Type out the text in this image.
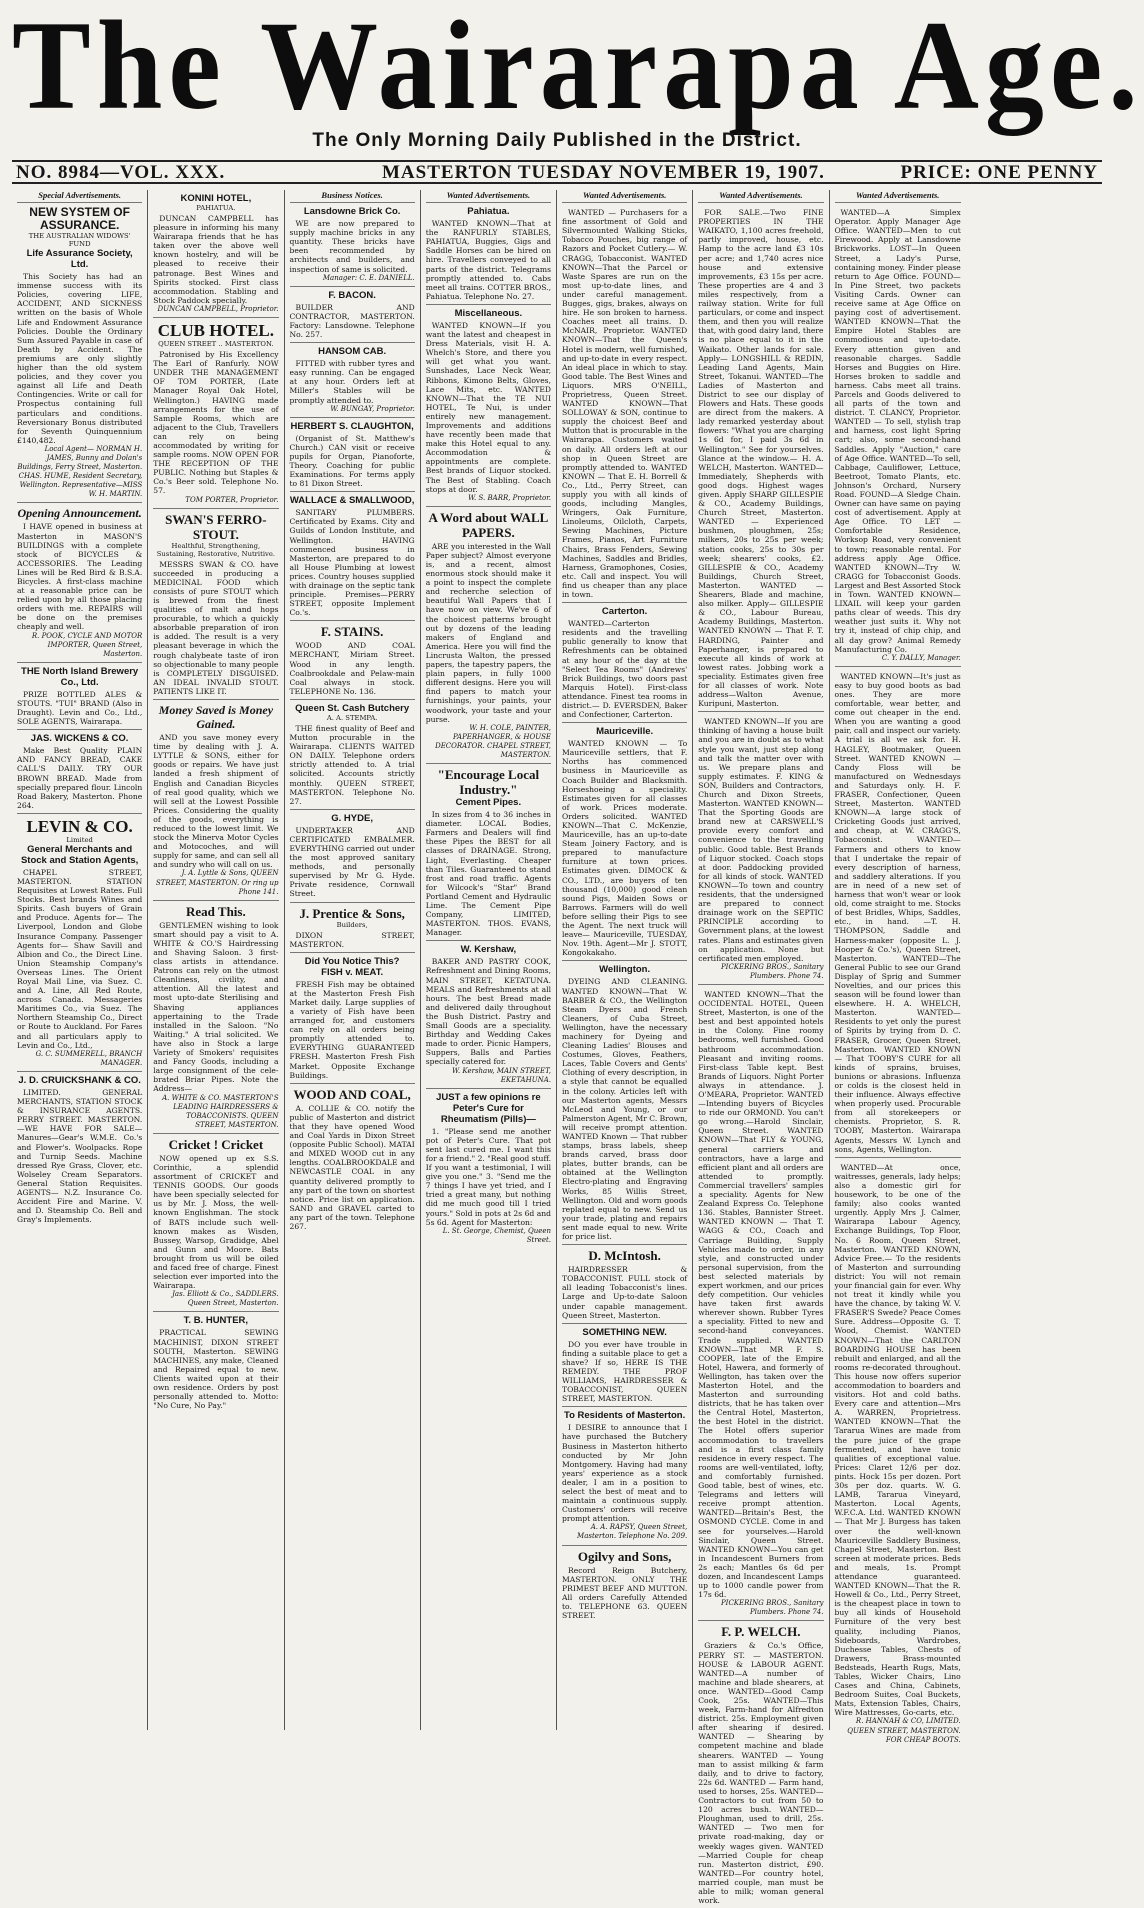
The Wairarapa Age.
The Only Morning Daily Published in the District.
NO. 8984—VOL. XXX.	MASTERTON TUESDAY NOVEMBER 19, 1907.	PRICE: ONE PENNY
Special Advertisements.
NEW SYSTEM OF ASSURANCE.
THE AUSTRALIAN WIDOWS' FUND
Life Assurance Society, Ltd.
This Society has had an immense success with its Policies, covering LIFE, ACCIDENT, AND SICKNESS written on the basis of Whole Life and Endowment Assurance Policies. Double the Ordinary Sum Assured Payable in case of Death by Accident. The premiums are only slightly higher than the old system policies, and they cover you against all Life and Death Contingencies. Write or call for Prospectus containing full particulars and conditions. Reversionary Bonus distributed for Seventh Quinquennium £140,482.
Local Agent— NORMAN H. JAMES, Bunny and Dolan's Buildings, Ferry Street, Masterton. CHAS. HUME, Resident Secretary, Wellington. Representative—MISS W. H. MARTIN.
Opening Announcement.
I HAVE opened in business at Masterton in MASON'S BUILDINGS with a complete stock of BICYCLES & ACCESSORIES. The Leading Lines will be Red Bird & B.S.A. Bicycles. A first-class machine at a reasonable price can be relied upon by all those placing orders with me. REPAIRS will be done on the premises cheaply and well.
R. POOK, CYCLE AND MOTOR IMPORTER, Queen Street, Masterton.
THE North Island Brewery Co., Ltd.
PRIZE BOTTLED ALES & STOUTS. "TUI" BRAND (Also in Draught). Levin and Co., Ltd., SOLE AGENTS, Wairarapa.
JAS. WICKENS & CO.
Make Best Quality PLAIN AND FANCY BREAD, CAKE CALL'S DAILY. TRY OUR BROWN BREAD. Made from specially prepared flour. Lincoln Road Bakery, Masterton. Phone 264.
LEVIN & CO.
Limited
General Merchants and Stock and Station Agents,
CHAPEL STREET, MASTERTON. STATION Requisites at Lowest Rates. Full Stocks. Best brands Wines and Spirits. Cash buyers of Grain and Produce. Agents for— The Liverpool, London and Globe Insurance Company. Passenger Agents for— Shaw Savill and Albion and Co., the Direct Line. Union Steamship Company's Overseas Lines. The Orient Royal Mail Line, via Suez. C. and A. Line, All Red Route, across Canada. Messageries Maritimes Co., via Suez. The Northern Steamship Co., Direct or Route to Auckland. For Fares and all particulars apply to Levin and Co., Ltd.,
G. C. SUMMERELL, BRANCH MANAGER.
J. D. CRUICKSHANK & CO.
LIMITED. GENERAL MERCHANTS, STATION STOCK & INSURANCE AGENTS. PERRY STREET. MASTERTON. —WE HAVE FOR SALE— Manures—Gear's W.M.E. Co.'s and Flower's. Woolpacks. Rope and Turnip Seeds. Machine dressed Rye Grass, Clover, etc. Wolseley Cream Separators. General Station Requisites. AGENTS— N.Z. Insurance Co. Accident Fire and Marine. V. and D. Steamship Co. Bell and Gray's Implements.
KONINI HOTEL,
PAHIATUA.
DUNCAN CAMPBELL has pleasure in informing his many Wairarapa friends that he has taken over the above well known hostelry, and will be pleased to receive their patronage. Best Wines and Spirits stocked. First class accommodation. Stabling and Stock Paddock specially.
DUNCAN CAMPBELL, Proprietor.
CLUB HOTEL.
QUEEN STREET .. MASTERTON.
Patronised by His Excellency The Earl of Ranfurly. NOW UNDER THE MANAGEMENT OF TOM PORTER, (Late Manager Royal Oak Hotel, Wellington.) HAVING made arrangements for the use of Sample Rooms, which are adjacent to the Club, Travellers can rely on being accommodated by writing for sample rooms. NOW OPEN FOR THE RECEPTION OF THE PUBLIC. Nothing but Staples & Co.'s Beer sold. Telephone No. 57.
TOM PORTER, Proprietor.
SWAN'S FERRO-STOUT.
Healthful, Strengthening, Sustaining, Restorative, Nutritive.
MESSRS SWAN & CO. have succeeded in producing a MEDICINAL FOOD which consists of pure STOUT which is brewed from the finest qualities of malt and hops procurable, to which a quickly absorbable preparation of iron is added. The result is a very pleasant beverage in which the rough chalybeate taste of iron so objectionable to many people is COMPLETELY DISGUISED. AN IDEAL INVALID STOUT. PATIENTS LIKE IT.
Money Saved is Money Gained.
AND you save money every time by dealing with J. A. LYTTLE & SONS, either for goods or repairs. We have just landed a fresh shipment of English and Canadian Bicycles of real good quality, which we will sell at the Lowest Possible Prices. Considering the quality of the goods, everything is reduced to the lowest limit. We stock the Minerva Motor Cycles and Motocoches, and will supply for same, and can sell all and sundry who will call on us.
J. A. Lyttle & Sons, QUEEN STREET, MASTERTON. Or ring up Phone 141.
Read This.
GENTLEMEN wishing to look smart should pay a visit to A. WHITE & CO.'S Hairdressing and Shaving Saloon. 3 first-class artists in attendance. Patrons can rely on the utmost Cleanliness, civility, and attention. All the latest and most upto-date Sterilising and Shaving appliances appertaining to the Trade installed in the Saloon. "No Waiting." A trial solicited. We have also in Stock a large Variety of Smokers' requisites and Fancy Goods, including a large consignment of the cele-brated Briar Pipes. Note the Address—
A. WHITE & CO. MASTERTON'S LEADING HAIRDRESSERS & TOBACCONISTS. QUEEN STREET, MASTERTON.
Cricket ! Cricket
NOW opened up ex S.S. Corinthic, a splendid assortment of CRICKET and TENNIS GOODS. Our goods have been specially selected for us by Mr. J. Moss, the well-known Englishman. The stock of BATS include such well-known makes as Wisden, Bussey, Warsop, Gradidge, Abel and Gunn and Moore. Bats brought from us will be oiled and faced free of charge. Finest selection ever imported into the Wairarapa.
Jas. Elliott & Co., SADDLERS. Queen Street, Masterton.
T. B. HUNTER,
PRACTICAL SEWING MACHINIST, DIXON STREET SOUTH, Masterton. SEWING MACHINES, any make, Cleaned and Repaired equal to new. Clients waited upon at their own residence. Orders by post personally attended to. Motto: "No Cure, No Pay."
Business Notices.
Lansdowne Brick Co.
WE are now prepared to supply machine bricks in any quantity. These bricks have been recommended by architects and builders, and inspection of same is solicited.
Manager: C. E. DANIELL.
F. BACON.
BUILDER AND CONTRACTOR, MASTERTON. Factory: Lansdowne. Telephone No. 257.
HANSOM CAB.
FITTED with rubber tyres and easy running. Can be engaged at any hour. Orders left at Miller's Stables will be promptly attended to.
W. BUNGAY, Proprietor.
HERBERT S. CLAUGHTON,
(Organist of St. Matthew's Church.) CAN visit or receive pupils for Organ, Pianoforte, Theory. Coaching for public Examinations. For terms apply to 81 Dixon Street.
WALLACE & SMALLWOOD,
SANITARY PLUMBERS. Certificated by Exams. City and Guilds of London Institute, and Wellington. HAVING commenced business in Masterton, are prepared to do all House Plumbing at lowest prices. Country houses supplied with drainage on the septic tank principle. Premises—PERRY STREET, opposite Implement Co.'s.
F. STAINS.
WOOD AND COAL MERCHANT, Miriam Street. Wood in any length. Coalbrookdale and Pelaw-main Coal always in stock. TELEPHONE No. 136.
Queen St. Cash Butchery
A. A. STEMPA.
THE finest quality of Beef and Mutton procurable in the Wairarapa. CLIENTS WAITED ON DAILY. Telephone orders strictly attended to. A trial solicited. Accounts strictly monthly. QUEEN STREET, MASTERTON. Telephone No. 27.
G. HYDE,
UNDERTAKER AND CERTIFICATED EMBALMER. EVERYTHING carried out under the most approved sanitary methods, and personally supervised by Mr G. Hyde. Private residence, Cornwall Street.
J. Prentice & Sons,
Builders,
DIXON STREET, MASTERTON.
Did You Notice This?
FISH v. MEAT.
FRESH Fish may be obtained at the Masterton Fresh Fish Market daily. Large supplies of a variety of Fish have been arranged for, and customers can rely on all orders being promptly attended to. EVERYTHING GUARANTEED FRESH. Masterton Fresh Fish Market. Opposite Exchange Buildings.
WOOD AND COAL,
A. COLLIE & CO. notify the public of Masterton and district that they have opened Wood and Coal Yards in Dixon Street (opposite Public School). MATAI and MIXED WOOD cut in any lengths. COALBROOKDALE and NEWCASTLE COAL in any quantity delivered promptly to any part of the town on shortest notice. Price list on application. SAND and GRAVEL carted to any part of the town. Telephone 267.
Wanted Advertisements.
Pahiatua.
WANTED KNOWN—That at the RANFURLY STABLES, PAHIATUA, Buggies, Gigs and Saddle Horses can be hired on hire. Travellers conveyed to all parts of the district. Telegrams promptly attended to. Cabs meet all trains. COTTER BROS., Pahiatua. Telephone No. 27.
Miscellaneous.
WANTED KNOWN—If you want the latest and cheapest in Dress Materials, visit H. A. Whelch's Store, and there you will get what you want. Sunshades, Lace Neck Wear, Ribbons, Kimono Belts, Gloves, Lace Mits, etc. WANTED KNOWN—That the TE NUI HOTEL, Te Nui, is under entirely new management. Improvements and additions have recently been made that make this Hotel equal to any. Accommodation & appointments are complete. Best brands of Liquor stocked. The Best of Stabling. Coach stops at door.
W. S. BARR, Proprietor.
A Word about WALL PAPERS.
ARE you interested in the Wall Paper subject? Almost everyone is, and a recent, almost enormous stock should make it a point to inspect the complete and recherche selection of beautiful Wall Papers that I have now on view. We've 6 of the choicest patterns brought out by dozens of the leading makers of England and America. Here you will find the Lincrusta Walton, the pressed papers, the tapestry papers, the plain papers, in fully 1000 different designs. Here you will find papers to match your furnishings, your paints, your woodwork, your taste and your purse.
W. H. COLE, PAINTER, PAPERHANGER, & HOUSE DECORATOR. CHAPEL STREET, MASTERTON.
"Encourage Local Industry."
Cement Pipes.
In sizes from 4 to 36 inches in diameter. LOCAL Bodies, Farmers and Dealers will find these Pipes the BEST for all classes of DRAINAGE. Strong, Light, Everlasting. Cheaper than Tiles. Guaranteed to stand frost and road traffic. Agents for Wilcock's "Star" Brand Portland Cement and Hydraulic Lime. The Cement Pipe Company, LIMITED, MASTERTON. THOS. EVANS, Manager.
W. Kershaw,
BAKER AND PASTRY COOK, Refreshment and Dining Rooms, MAIN STREET, KETATUNA. MEALS and Refreshments at all hours. The best Bread made and delivered daily throughout the Bush District. Pastry and Small Goods are a speciality. Birthday and Wedding Cakes made to order. Picnic Hampers, Suppers, Balls and Parties specially catered for.
W. Kershaw, MAIN STREET, EKETAHUNA.
JUST a few opinions re Peter's Cure for Rheumatism (Pills)—
1. "Please send me another pot of Peter's Cure. That pot sent last cured me. I want this for a friend." 2. "Real good stuff. If you want a testimonial, I will give you one." 3. "Send me the 7 things I have yet tried, and I tried a great many, but nothing did me much good till I tried yours." Sold in pots at 2s 6d and 5s 6d. Agent for Masterton:
L. St. George, Chemist, Queen Street.
Wanted Advertisements.
WANTED — Purchasers for a fine assortment of Gold and Silvermounted Walking Sticks, Tobacco Pouches, big range of Razors and Pocket Cutlery.— W. CRAGG, Tobacconist. WANTED KNOWN—That the Parcel or Waste Spares are run on the most up-to-date lines, and under careful management. Bugges, gigs, brakes, always on hire. He son broken to harness. Coaches meet all trains. D. McNAIR, Proprietor. WANTED KNOWN—That the Queen's Hotel is modern, well furnished, and up-to-date in every respect. An ideal place in which to stay. Good table. The Best Wines and Liquors. MRS O'NEILL, Proprietress, Queen Street. WANTED KNOWN—That SOLLOWAY & SON, continue to supply the choicest Beef and Mutton that is procurable in the Wairarapa. Customers waited on daily. All orders left at our shop in Queen Street are promptly attended to. WANTED KNOWN — That E. H. Borrell & Co., Ltd., Perry Street, can supply you with all kinds of goods, including Mangles, Wringers, Oak Furniture, Linoleums, Oilcloth, Carpets, Sewing Machines, Picture Frames, Pianos, Art Furniture Chairs, Brass Fenders, Sewing Machines, Saddles and Bridles, Harness, Gramophones, Cosies, etc. Call and inspect. You will find us cheaper than any place in town.
Carterton.
WANTED—Carterton residents and the travelling public generally to know that Refreshments can be obtained at any hour of the day at the "Select Tea Rooms" (Andrews' Brick Buildings, two doors past Marquis Hotel). First-class attendance. Finest tea rooms in district.— D. EVERSDEN, Baker and Confectioner, Carterton.
Mauriceville.
WANTED KNOWN — To Mauriceville settlers, that F. Norths has commenced business in Mauriceville as Coach Builder and Blacksmith. Horseshoeing a speciality. Estimates given for all classes of work. Prices moderate. Orders solicited. WANTED KNOWN—That C. McKenzie, Mauriceville, has an up-to-date Steam Joinery Factory, and is prepared to manufacture furniture at town prices. Estimates given. DIMOCK & CO., LTD., are buyers of ten thousand (10,000) good clean sound Pigs, Maiden Sows or Barrows. Farmers will do well before selling their Pigs to see the Agent. The next truck will leave— Mauriceville, TUESDAY, Nov. 19th. Agent—Mr J. STOTT, Kongokakaho.
Wellington.
DYEING AND CLEANING. WANTED KNOWN—That W. BARBER & CO., the Wellington Steam Dyers and French Cleaners, of Cuba Street, Wellington, have the necessary machinery for Dyeing and Cleaning Ladies' Blouses and Costumes, Gloves, Feathers, Laces, Table Covers and Gents' Clothing of every description, in a style that cannot be equalled in the colony. Articles left with our Masterton agents, Messrs McLeod and Young, or our Palmerston Agent, Mr C. Brown, will receive prompt attention. WANTED Known — That rubber stamps, brass labels, sheep brands carved, brass door plates, butter brands, can be obtained at the Wellington Electro-plating and Engraving Works, 85 Willis Street, Wellington. Old and worn goods replated equal to new. Send us your trade, plating and repairs sent made equal to new. Write for price list.
D. McIntosh.
HAIRDRESSER & TOBACCONIST. FULL stock of all leading Tobacconist's lines. Large and Up-to-date Saloon under capable management. Queen Street, Masterton.
SOMETHING NEW.
DO you ever have trouble in finding a suitable place to get a shave? If so, HERE IS THE REMEDY. THE PROF WILLIAMS, HAIRDRESSER & TOBACCONIST, QUEEN STREET, MASTERTON.
To Residents of Masterton.
I DESIRE to announce that I have purchased the Butchery Business in Masterton hitherto conducted by Mr John Montgomery. Having had many years' experience as a stock dealer, I am in a position to select the best of meat and to maintain a continuous supply. Customers' orders will receive prompt attention.
A. A. RAPSY, Queen Street, Masterton. Telephone No. 209.
Ogilvy and Sons,
Record Reign Butchery, MASTERTON. ONLY THE PRIMEST BEEF AND MUTTON. All orders Carefully Attended to. TELEPHONE 63. QUEEN STREET.
Wanted Advertisements.
FOR SALE.—Two FINE PROPERTIES IN THE WAIKATO, 1,100 acres freehold, partly improved, house, etc. Hamp to the acre land £3 10s per acre; and 1,740 acres nice house and extensive improvements, £3 15s per acre. These properties are 4 and 3 miles respectively, from a railway station. Write for full particulars, or come and inspect them, and then you will realize that, with good dairy land, there is no place equal to it in the Waikato. Other lands for sale. Apply— LONGSHILL & REDIN, Leading Land Agents, Main Street, Tokanui. WANTED—The Ladies of Masterton and District to see our display of Flowers and Hats. These goods are direct from the makers. A lady remarked yesterday about flowers: "What you are charging 1s 6d for, I paid 3s 6d in Wellington." See for yourselves. Glance at the window.— H. A. WELCH, Masterton. WANTED—Immediately, Shepherds with good dogs. Highest wages given. Apply SHARP GILLESPIE & CO., Academy Buildings, Church Street, Masterton. WANTED — Experienced bushmen, ploughmen, 25s; milkers, 20s to 25s per week; station cooks, 25s to 30s per week; shearers' cooks, £2. GILLESPIE & CO., Academy Buildings, Church Street, Masterton. WANTED — Shearers, Blade and machine, also milker. Apply— GILLESPIE & CO., Labour Bureau, Academy Buildings, Masterton. WANTED KNOWN — That F. T. HARDING, Painter and Paperhanger, is prepared to execute all kinds of work at lowest rates. Jobbing work a speciality. Estimates given free for all classes of work. Note address—Walton Avenue, Kuripuni, Masterton.
WANTED KNOWN—If you are thinking of having a house built and you are in doubt as to what style you want, just step along and talk the matter over with us. We prepare plans and supply estimates. F. KING & SON, Builders and Contractors, Church and Dixon Streets, Masterton. WANTED KNOWN—That the Sporting Goods are brand new at CARSWELL'S provide every comfort and convenience to the travelling public. Good table. Best Brands of Liquor stocked. Coach stops at door. Paddocking provided for all kinds of stock. WANTED KNOWN—To town and country residents, that the undersigned are prepared to connect drainage work on the SEPTIC PRINCIPLE according to Government plans, at the lowest rates. Plans and estimates given on application. None but certificated men employed.
PICKERING BROS., Sanitary Plumbers. Phone 74.
WANTED KNOWN—That the OCCIDENTAL HOTEL, Queen Street, Masterton, is one of the best and best appointed hotels in the Colony. Fine roomy bedrooms, well furnished. Good bathroom accommodation. Pleasant and inviting rooms. First-class Table kept. Best Brands of Liquors. Night Porter always in attendance. J. O'MEARA, Proprietor. WANTED—Intending buyers of Bicycles to ride our ORMOND. You can't go wrong.—Harold Sinclair, Queen Street. WANTED KNOWN—That FLY & YOUNG, general carriers and contractors, have a large and efficient plant and all orders are attended to promptly. Commercial travellers' samples a speciality. Agents for New Zealand Express Co. Telephone 136. Stables, Bannister Street. WANTED KNOWN — That T. WAGG & CO., Coach and Carriage Building, Supply Vehicles made to order, in any style, and constructed under personal supervision, from the best selected materials by expert workmen, and our prices defy competition. Our vehicles have taken first awards wherever shown. Rubber Tyres a speciality. Fitted to new and second-hand conveyances. Trade supplied. WANTED KNOWN—That MR F. S. COOPER, late of the Empire Hotel, Hawera, and formerly of Wellington, has taken over the Masterton Hotel, and the Masterton and surrounding districts, that he has taken over the Central Hotel, Masterton, the best Hotel in the district. The Hotel offers superior accommodation to travellers and is a first class family residence in every respect. The rooms are well-ventilated, lofty, and comfortably furnished. Good table, best of wines, etc. Telegrams and letters will receive prompt attention. WANTED—Britain's Best, the OSMOND CYCLE. Come in and see for yourselves.—Harold Sinclair, Queen Street. WANTED KNOWN—You can get in Incandescent Burners from 2s each; Mantles 6s 6d per dozen, and Incandescent Lamps up to 1000 candle power from 17s 6d.
PICKERING BROS., Sanitary Plumbers. Phone 74.
F. P. WELCH.
Graziers & Co.'s Office, PERRY ST. — MASTERTON. HOUSE & LABOUR AGENT. WANTED—A number of machine and blade shearers, at once. WANTED—Good Camp Cook, 25s. WANTED—This week, Farm-hand for Alfredton district. 25s. Employment given after shearing if desired. WANTED — Shearing by competent machine and blade shearers. WANTED — Young man to assist milking & farm daily, and to drive to factory, 22s 6d. WANTED — Farm hand, used to horses, 25s. WANTED—Contractors to cut from 50 to 120 acres bush. WANTED—Ploughman, used to drill, 25s. WANTED — Two men for private road-making, day or weekly wages given. WANTED—Married Couple for cheap run. Masterton district, £90. WANTED—For country hotel, married couple, man must be able to milk; woman general work.
Wanted Advertisements.
WANTED—A Simplex Operator. Apply Manager Age Office. WANTED—Men to cut Firewood. Apply at Lansdowne Brickworks. LOST—In Queen Street, a Lady's Purse, containing money. Finder please return to Age Office. FOUND—In Pine Street, two packets Visiting Cards. Owner can receive same at Age Office on paying cost of advertisement. WANTED KNOWN—That the Empire Hotel Stables are commodious and up-to-date. Every attention given and reasonable charges. Saddle Horses and Buggies on Hire. Horses broken to saddle and harness. Cabs meet all trains. Parcels and Goods delivered to all parts of the town and district. T. CLANCY, Proprietor. WANTED — To sell, stylish trap and harness, cost light Spring cart; also, some second-hand Saddles. Apply "Auction," care of Age Office. WANTED—To sell, Cabbage, Cauliflower, Lettuce, Beetroot, Tomato Plants, etc. Johnson's Orchard, Nursery Road. FOUND—A Sledge Chain. Owner can have same on paying cost of advertisement. Apply at Age Office. TO LET — Comfortable Residence, Worksop Road, very convenient to town; reasonable rental. For address apply Age Office. WANTED KNOWN—Try W. CRAGG for Tobacconist Goods. Largest and Best Assorted Stock in Town. WANTED KNOWN—LIXAIL will keep your garden paths clear of weeds. This dry weather just suits it. Why not try it, instead of chip chip, and all day grow? Animal Remedy Manufacturing Co.
C. Y. DALLY, Manager.
WANTED KNOWN—It's just as easy to buy good boots as bad ones. They are more comfortable, wear better, and come out cheaper in the end. When you are wanting a good pair, call and inspect our variety. A trial is all we ask for. H. HAGLEY, Bootmaker, Queen Street. WANTED KNOWN — Candy Floss will be manufactured on Wednesdays and Saturdays only. H. F. FRASER, Confectioner, Queen Street, Masterton. WANTED KNOWN—A large stock of Cricketing Goods just arrived, and cheap, at W. CRAGG'S, Tobacconist. WANTED—Farmers and others to know that I undertake the repair of every description of harness, and saddlery alterations. If you are in need of a new set of harness that won't wear or look old, come straight to me. Stocks of best Bridles, Whips, Saddles, etc., in hand. —T. H. THOMPSON, Saddle and Harness-maker (opposite L. J. Hooper & Co.'s), Queen Street, Masterton. WANTED—The General Public to see our Grand Display of Sprig and Summer Novelties, and our prices this season will be found lower than elsewhere. H. A. WHELCH, Masterton. WANTED—Residents to yet only the purest of Spirits by trying from D. C. FRASER, Grocer, Queen Street, Masterton. WANTED KNOWN — That TOOBY'S CURE for all kinds of sprains, bruises, bunions or abrasions. Influenza or colds is the closest held in their influence. Always effective when properly used. Procurable from all storekeepers or chemists. Proprietor, S. R. TOOBY, Masterton. Wairarapa Agents, Messrs W. Lynch and sons, Agents, Wellington.
WANTED—At once, waitresses, generals, lady helps; also a domestic girl for housework, to be one of the family; also cooks wanted urgently. Apply Mrs J. Calmer, Wairarapa Labour Agency, Exchange Buildings, Top Floor, No. 6 Room, Queen Street, Masterton. WANTED KNOWN, Advice Free.— To the residents of Masterton and surrounding district: You will not remain your financial gain for ever. Why not treat it kindly while you have the chance, by taking W. V. FRASER'S Swede? Peace Comes Sure. Address—Opposite G. T. Wood, Chemist. WANTED KNOWN—That the CARLTON BOARDING HOUSE has been rebuilt and enlarged, and all the rooms re-decorated throughout. This house now offers superior accommodation to boarders and visitors. Hot and cold baths. Every care and attention—Mrs A. WARREN, Proprietress. WANTED KNOWN—That the Tararua Wines are made from the pure juice of the grape fermented, and have tonic qualities of exceptional value. Prices: Claret 12/6 per doz. pints. Hock 15s per dozen. Port 30s per doz. quarts. W. G. LAMB, Tararua Vineyard, Masterton. Local Agents, W.F.C.A. Ltd. WANTED KNOWN — That Mr J. Burgess has taken over the well-known Mauriceville Saddlery Business, Chapel Street, Masterton. Best screen at moderate prices. Beds and meals, 1s. Prompt attendance guaranteed. WANTED KNOWN—That the R. Howell & Co., Ltd., Perry Street, is the cheapest place in town to buy all kinds of Household Furniture of the very best quality, including Pianos, Sideboards, Wardrobes, Duchesse Tables, Chests of Drawers, Brass-mounted Bedsteads, Hearth Rugs, Mats, Tables, Wicker Chairs, Lino Cases and China, Cabinets, Bedroom Suites, Coal Buckets, Mats, Extension Tables, Chairs, Wire Mattresses, Go-carts, etc.
R. HANNAH & CO, LIMITED. QUEEN STREET, MASTERTON. FOR CHEAP BOOTS.
